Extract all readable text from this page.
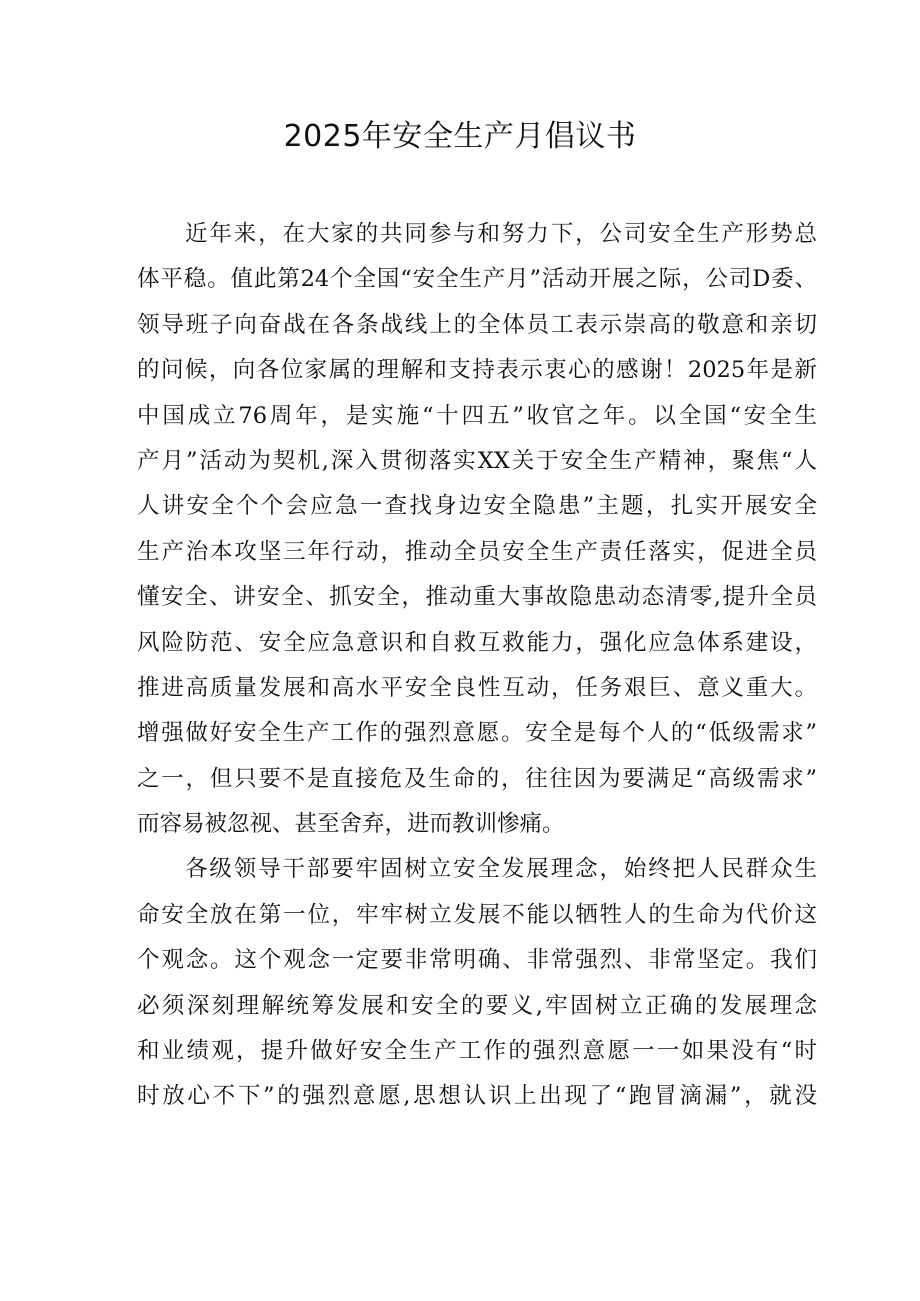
2025年安全生产月倡议书
近年来，在大家的共同参与和努力下，公司安全生产形势总
体平稳。值此第24个全国“安全生产月”活动开展之际，公司D委、
领导班子向奋战在各条战线上的全体员工表示崇高的敬意和亲切
的问候，向各位家属的理解和支持表示衷心的感谢！2025年是新
中国成立76周年，是实施“十四五”收官之年。以全国“安全生
产月”活动为契机,深入贯彻落实XX关于安全生产精神，聚焦“人
人讲安全个个会应急一查找身边安全隐患”主题，扎实开展安全
生产治本攻坚三年行动，推动全员安全生产责任落实，促进全员
懂安全、讲安全、抓安全，推动重大事故隐患动态清零,提升全员
风险防范、安全应急意识和自救互救能力，强化应急体系建设，
推进高质量发展和高水平安全良性互动，任务艰巨、意义重大。
增强做好安全生产工作的强烈意愿。安全是每个人的“低级需求”
之一，但只要不是直接危及生命的，往往因为要满足“高级需求”
而容易被忽视、甚至舍弃，进而教训惨痛。
各级领导干部要牢固树立安全发展理念，始终把人民群众生
命安全放在第一位，牢牢树立发展不能以牺牲人的生命为代价这
个观念。这个观念一定要非常明确、非常强烈、非常坚定。我们
必须深刻理解统筹发展和安全的要义,牢固树立正确的发展理念
和业绩观，提升做好安全生产工作的强烈意愿一一如果没有“时
时放心不下”的强烈意愿,思想认识上出现了“跑冒滴漏”，就没
